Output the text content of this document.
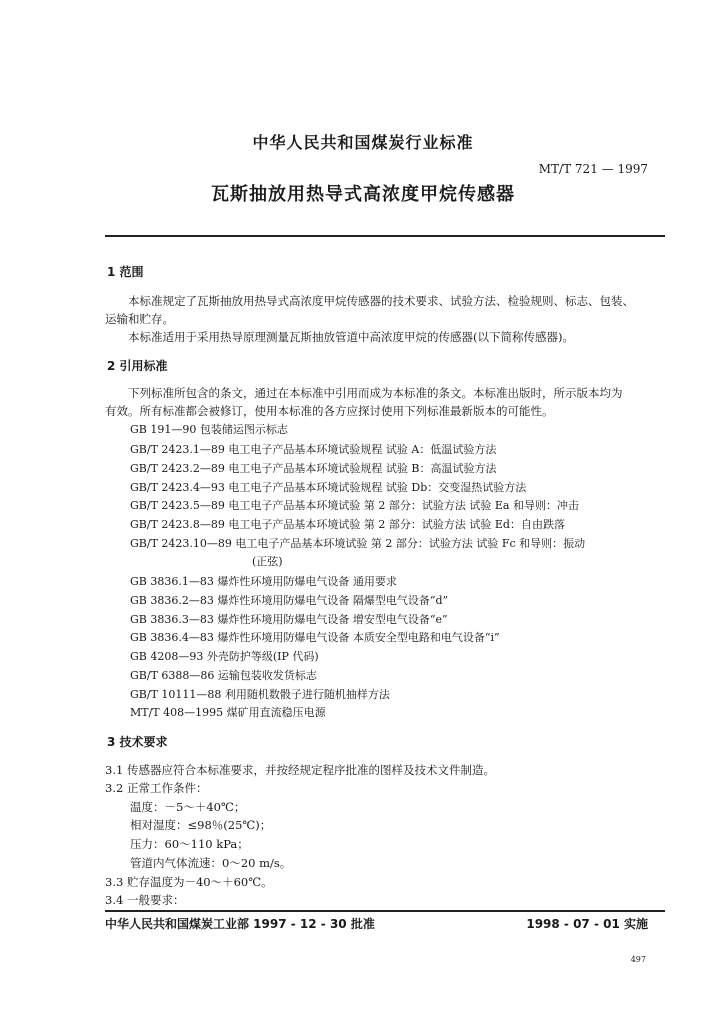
中华人民共和国煤炭行业标准
MT/T 721 — 1997
瓦斯抽放用热导式高浓度甲烷传感器
1 范围
本标准规定了瓦斯抽放用热导式高浓度甲烷传感器的技术要求、试验方法、检验规则、标志、包装、
运输和贮存。
本标准适用于采用热导原理测量瓦斯抽放管道中高浓度甲烷的传感器(以下简称传感器)。
2 引用标准
下列标准所包含的条文，通过在本标准中引用而成为本标准的条文。本标准出版时，所示版本均为
有效。所有标准都会被修订，使用本标准的各方应探讨使用下列标准最新版本的可能性。
GB 191—90 包装储运图示标志
GB/T 2423.1—89 电工电子产品基本环境试验规程 试验 A：低温试验方法
GB/T 2423.2—89 电工电子产品基本环境试验规程 试验 B：高温试验方法
GB/T 2423.4—93 电工电子产品基本环境试验规程 试验 Db：交变湿热试验方法
GB/T 2423.5—89 电工电子产品基本环境试验 第 2 部分：试验方法 试验 Ea 和导则：冲击
GB/T 2423.8—89 电工电子产品基本环境试验 第 2 部分：试验方法 试验 Ed：自由跌落
GB/T 2423.10—89 电工电子产品基本环境试验 第 2 部分：试验方法 试验 Fc 和导则：振动
(正弦)
GB 3836.1—83 爆炸性环境用防爆电气设备 通用要求
GB 3836.2—83 爆炸性环境用防爆电气设备 隔爆型电气设备“d”
GB 3836.3—83 爆炸性环境用防爆电气设备 增安型电气设备“e”
GB 3836.4—83 爆炸性环境用防爆电气设备 本质安全型电路和电气设备“i”
GB 4208—93 外壳防护等级(IP 代码)
GB/T 6388—86 运输包装收发货标志
GB/T 10111—88 利用随机数骰子进行随机抽样方法
MT/T 408—1995 煤矿用直流稳压电源
3 技术要求
3.1 传感器应符合本标准要求，并按经规定程序批准的图样及技术文件制造。
3.2 正常工作条件：
温度：－5～＋40℃；
相对湿度：≤98％(25℃)；
压力：60～110 kPa；
管道内气体流速：0～20 m/s。
3.3 贮存温度为－40～＋60℃。
3.4 一般要求：
中华人民共和国煤炭工业部 1997 - 12 - 30 批准	1998 - 07 - 01 实施
497
